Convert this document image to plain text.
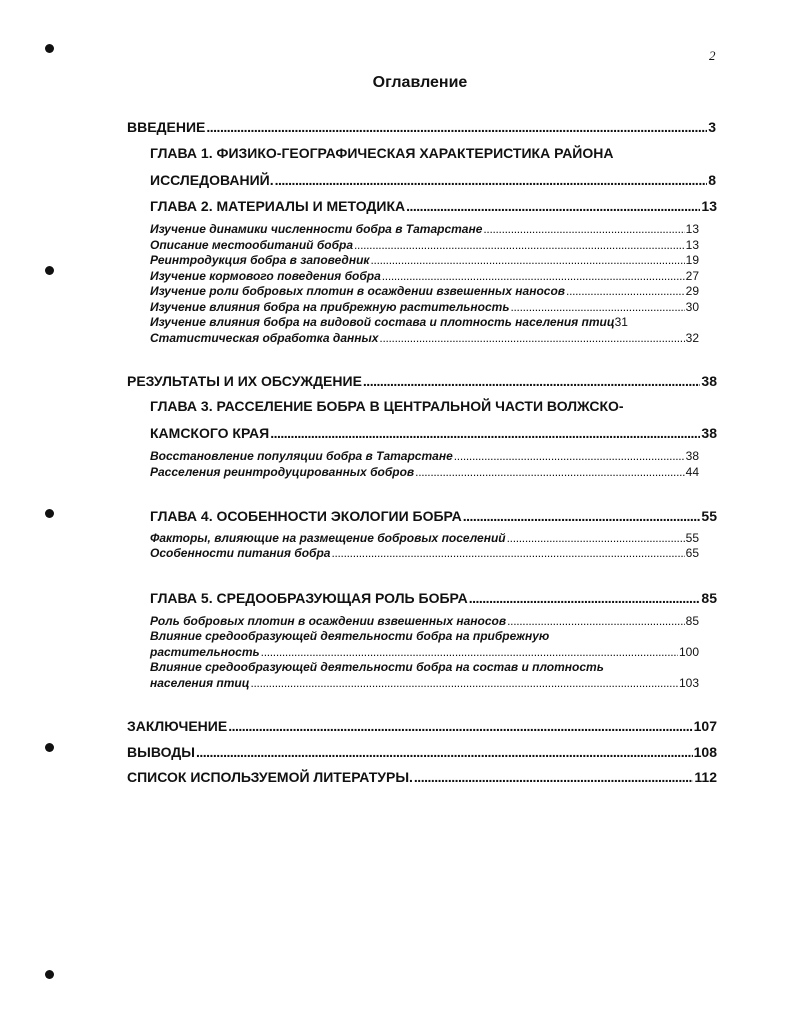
2
Оглавление
ВВЕДЕНИЕ .....	3
ГЛАВА 1. ФИЗИКО-ГЕОГРАФИЧЕСКАЯ ХАРАКТЕРИСТИКА РАЙОНА
ИССЛЕДОВАНИЙ. .....	8
ГЛАВА 2. МАТЕРИАЛЫ И МЕТОДИКА .....	13
Изучение динамики численности бобра в Татарстане .....	13
Описание местообитаний бобра .....	13
Реинтродукция бобра в заповедник .....	19
Изучение кормового поведения бобра .....	27
Изучение роли бобровых плотин в осаждении взвешенных наносов .....	29
Изучение влияния бобра на прибрежную растительность .....	30
Изучение влияния бобра на видовой состава и плотность населения птиц 31
Статистическая обработка данных .....	32
РЕЗУЛЬТАТЫ И ИХ ОБСУЖДЕНИЕ .....	38
ГЛАВА 3. РАССЕЛЕНИЕ БОБРА В ЦЕНТРАЛЬНОЙ ЧАСТИ ВОЛЖСКО-
КАМСКОГО КРАЯ .....	38
Восстановление популяции бобра в Татарстане .....	38
Расселения реинтродуцированных бобров .....	44
ГЛАВА 4. ОСОБЕННОСТИ ЭКОЛОГИИ БОБРА .....	55
Факторы, влияющие на размещение бобровых поселений .....	55
Особенности питания бобра .....	65
ГЛАВА 5. СРЕДООБРАЗУЮЩАЯ РОЛЬ БОБРА .....	85
Роль бобровых плотин в осаждении взвешенных наносов .....	85
Влияние средообразующей деятельности бобра на прибрежную
растительность .....	100
Влияние средообразующей деятельности бобра на состав и плотность
населения птиц .....	103
ЗАКЛЮЧЕНИЕ .....	107
ВЫВОДЫ .....	108
СПИСОК ИСПОЛЬЗУЕМОЙ ЛИТЕРАТУРЫ. .....	112
